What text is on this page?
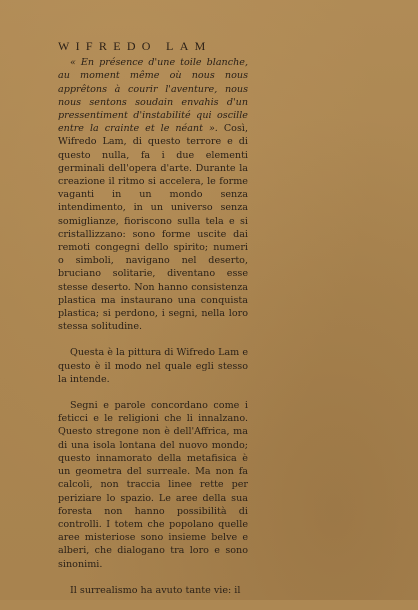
WIFREDO LAM

« En présence d'une toile blanche, au moment même où nous nous apprêtons à courir l'aventure, nous nous sentons soudain envahis d'un pressentiment d'instabilité qui oscille entre la crainte et le néant ». Così, Wifredo Lam, di questo terrore e di questo nulla, fa i due elementi germinali dell'opera d'arte. Durante la creazione il ritmo si accelera, le forme vaganti in un mondo senza intendimento, in un universo senza somiglianze, fioriscono sulla tela e si cristallizzano: sono forme uscite dai remoti congegni dello spirito; numeri o simboli, navigano nel deserto, bruciano solitarie, diventano esse stesse deserto. Non hanno consistenza plastica ma instaurano una conquista plastica; si perdono, i segni, nella loro stessa solitudine.

Questa è la pittura di Wifredo Lam e questo è il modo nel quale egli stesso la intende.

Segni e parole concordano come i feticci e le religioni che li innalzano. Questo stregone non è dell'Affrica, ma di una isola lontana del nuovo mondo; questo innamorato della metafisica è un geometra del surreale. Ma non fa calcoli, non traccia linee rette per periziare lo spazio. Le aree della sua foresta non hanno possibilità di controlli. I totem che popolano quelle aree misteriose sono insieme belve e alberi, che dialogano tra loro e sono sinonimi.

Il surrealismo ha avuto tante vie: il
